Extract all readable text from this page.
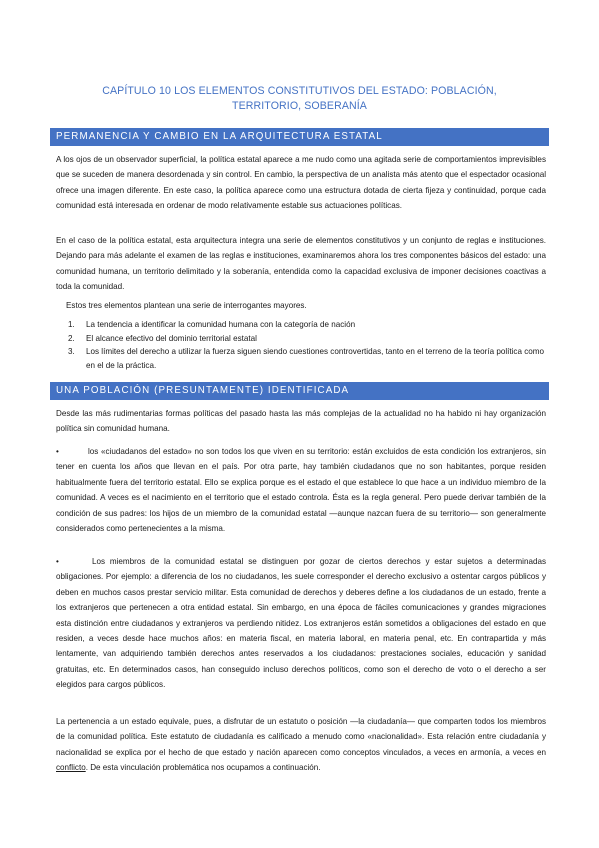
CAPÍTULO 10 LOS ELEMENTOS CONSTITUTIVOS DEL ESTADO: POBLACIÓN,
TERRITORIO, SOBERANÍA
PERMANENCIA Y CAMBIO EN LA ARQUITECTURA ESTATAL

A los ojos de un observador superficial, la política estatal aparece a me nudo como una agitada serie de comportamientos imprevisibles que se suceden de manera desordenada y sin control. En cambio, la perspectiva de un analista más atento que el espectador ocasional ofrece una imagen diferente. En este caso, la política aparece como una estructura dotada de cierta fijeza y continuidad, porque cada comunidad está interesada en ordenar de modo relativamente estable sus actuaciones políticas.

En el caso de la política estatal, esta arquitectura integra una serie de elementos constitutivos y un conjunto de reglas e instituciones. Dejando para más adelante el examen de las reglas e instituciones, examinaremos ahora los tres componentes básicos del estado: una comunidad humana, un territorio delimitado y la soberanía, entendida como la capacidad exclusiva de imponer decisiones coactivas a toda la comunidad.

Estos tres elementos plantean una serie de interrogantes mayores.

1. La tendencia a identificar la comunidad humana con la categoría de nación
2. El alcance efectivo del dominio territorial estatal
3. Los límites del derecho a utilizar la fuerza siguen siendo cuestiones controvertidas, tanto en el terreno de la teoría política como en el de la práctica.
UNA POBLACIÓN (PRESUNTAMENTE) IDENTIFICADA

Desde las más rudimentarias formas políticas del pasado hasta las más complejas de la actualidad no ha habido ni hay organización política sin comunidad humana.

•	los «ciudadanos del estado» no son todos los que viven en su territorio: están excluidos de esta condición los extranjeros, sin tener en cuenta los años que llevan en el país. Por otra parte, hay también ciudadanos que no son habitantes, porque residen habitualmente fuera del territorio estatal. Ello se explica porque es el estado el que establece lo que hace a un individuo miembro de la comunidad. A veces es el nacimiento en el territorio que el estado controla. Ésta es la regla general. Pero puede derivar también de la condición de sus padres: los hijos de un miembro de la comunidad estatal —aunque nazcan fuera de su territorio— son generalmente considerados como pertenecientes a la misma.

•	Los miembros de la comunidad estatal se distinguen por gozar de ciertos derechos y estar sujetos a determinadas obligaciones. Por ejemplo: a diferencia de los no ciudadanos, les suele corresponder el derecho exclusivo a ostentar cargos públicos y deben en muchos casos prestar servicio militar. Esta comunidad de derechos y deberes define a los ciudadanos de un estado, frente a los extranjeros que pertenecen a otra entidad estatal. Sin embargo, en una época de fáciles comunicaciones y grandes migraciones esta distinción entre ciudadanos y extranjeros va perdiendo nitidez. Los extranjeros están sometidos a obligaciones del estado en que residen, a veces desde hace muchos años: en materia fiscal, en materia laboral, en materia penal, etc. En contrapartida y más lentamente, van adquiriendo también derechos antes reservados a los ciudadanos: prestaciones sociales, educación y sanidad gratuitas, etc. En determinados casos, han conseguido incluso derechos políticos, como son el derecho de voto o el derecho a ser elegidos para cargos públicos.

La pertenencia a un estado equivale, pues, a disfrutar de un estatuto o posición —la ciudadanía— que comparten todos los miembros de la comunidad política. Este estatuto de ciudadanía es calificado a menudo como «nacionalidad». Esta relación entre ciudadanía y nacionalidad se explica por el hecho de que estado y nación aparecen como conceptos vinculados, a veces en armonía, a veces en conflicto. De esta vinculación problemática nos ocupamos a continuación.
